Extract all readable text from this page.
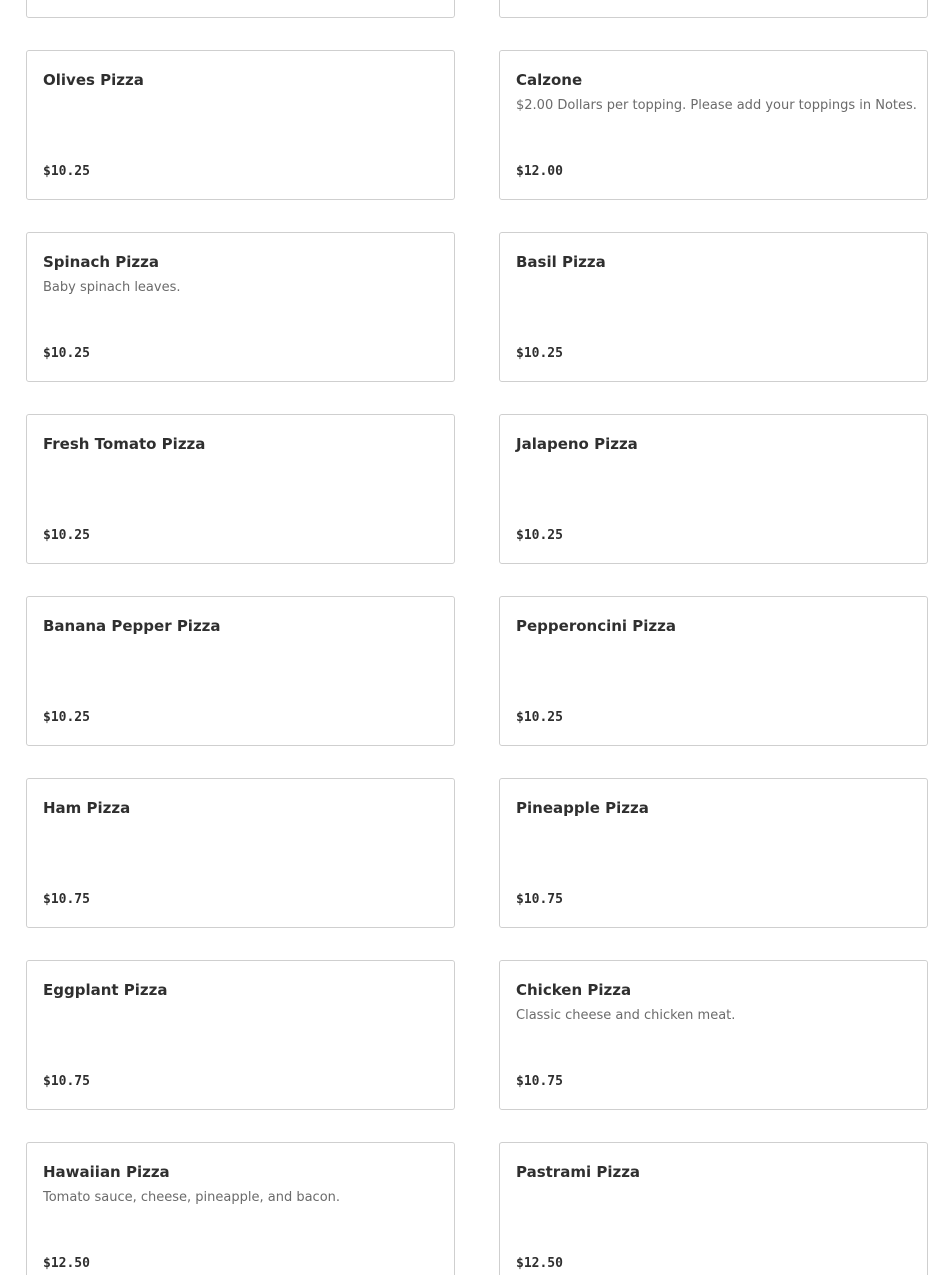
Olives Pizza
$10.25
Calzone
$2.00 Dollars per topping. Please add your toppings in Notes.
$12.00
Spinach Pizza
Baby spinach leaves.
$10.25
Basil Pizza
$10.25
Fresh Tomato Pizza
$10.25
Jalapeno Pizza
$10.25
Banana Pepper Pizza
$10.25
Pepperoncini Pizza
$10.25
Ham Pizza
$10.75
Pineapple Pizza
$10.75
Eggplant Pizza
$10.75
Chicken Pizza
Classic cheese and chicken meat.
$10.75
Hawaiian Pizza
Tomato sauce, cheese, pineapple, and bacon.
$12.50
Pastrami Pizza
$12.50
